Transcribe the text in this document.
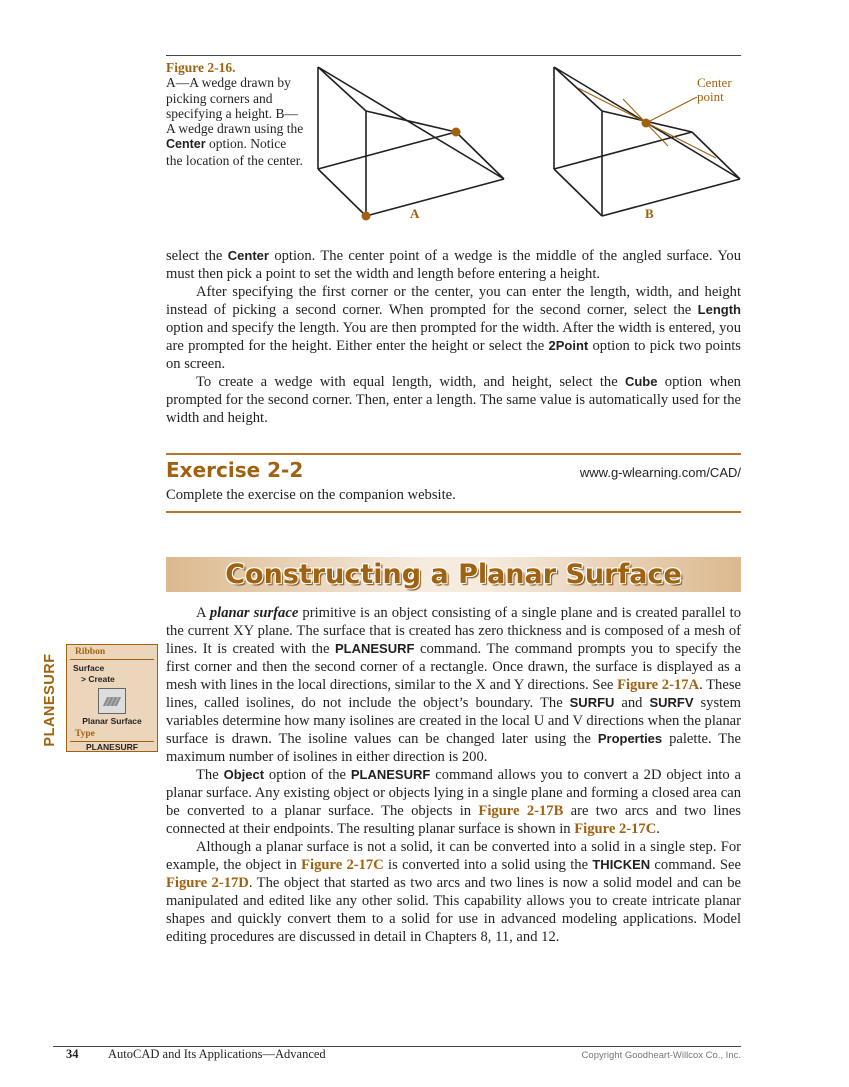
Figure 2-16.
A—A wedge drawn by picking corners and specifying a height. B—A wedge drawn using the Center option. Notice the location of the center.
Center
point
A	B

select the Center option. The center point of a wedge is the middle of the angled surface. You must then pick a point to set the width and length before entering a height.

After specifying the first corner or the center, you can enter the length, width, and height instead of picking a second corner. When prompted for the second corner, select the Length option and specify the length. You are then prompted for the width. After the width is entered, you are prompted for the height. Either enter the height or select the 2Point option to pick two points on screen.

To create a wedge with equal length, width, and height, select the Cube option when prompted for the second corner. Then, enter a length. The same value is automatically used for the width and height.

Exercise 2-2	www.g-wlearning.com/CAD/
Complete the exercise on the companion website.
Constructing a Planar Surface
PLANESURF
Ribbon
Surface
> Create
Planar Surface
Type
PLANESURF

A planar surface primitive is an object consisting of a single plane and is created parallel to the current XY plane. The surface that is created has zero thickness and is composed of a mesh of lines. It is created with the PLANESURF command. The command prompts you to specify the first corner and then the second corner of a rectangle. Once drawn, the surface is displayed as a mesh with lines in the local directions, similar to the X and Y directions. See Figure 2-17A. These lines, called isolines, do not include the object’s boundary. The SURFU and SURFV system variables determine how many isolines are created in the local U and V directions when the planar surface is drawn. The isoline values can be changed later using the Properties palette. The maximum number of isolines in either direction is 200.

The Object option of the PLANESURF command allows you to convert a 2D object into a planar surface. Any existing object or objects lying in a single plane and forming a closed area can be converted to a planar surface. The objects in Figure 2-17B are two arcs and two lines connected at their endpoints. The resulting planar surface is shown in Figure 2-17C.

Although a planar surface is not a solid, it can be converted into a solid in a single step. For example, the object in Figure 2-17C is converted into a solid using the THICKEN command. See Figure 2-17D. The object that started as two arcs and two lines is now a solid model and can be manipulated and edited like any other solid. This capability allows you to create intricate planar shapes and quickly convert them to a solid for use in advanced modeling applications. Model editing procedures are discussed in detail in Chapters 8, 11, and 12.

34 AutoCAD and Its Applications—Advanced	Copyright Goodheart-Willcox Co., Inc.
